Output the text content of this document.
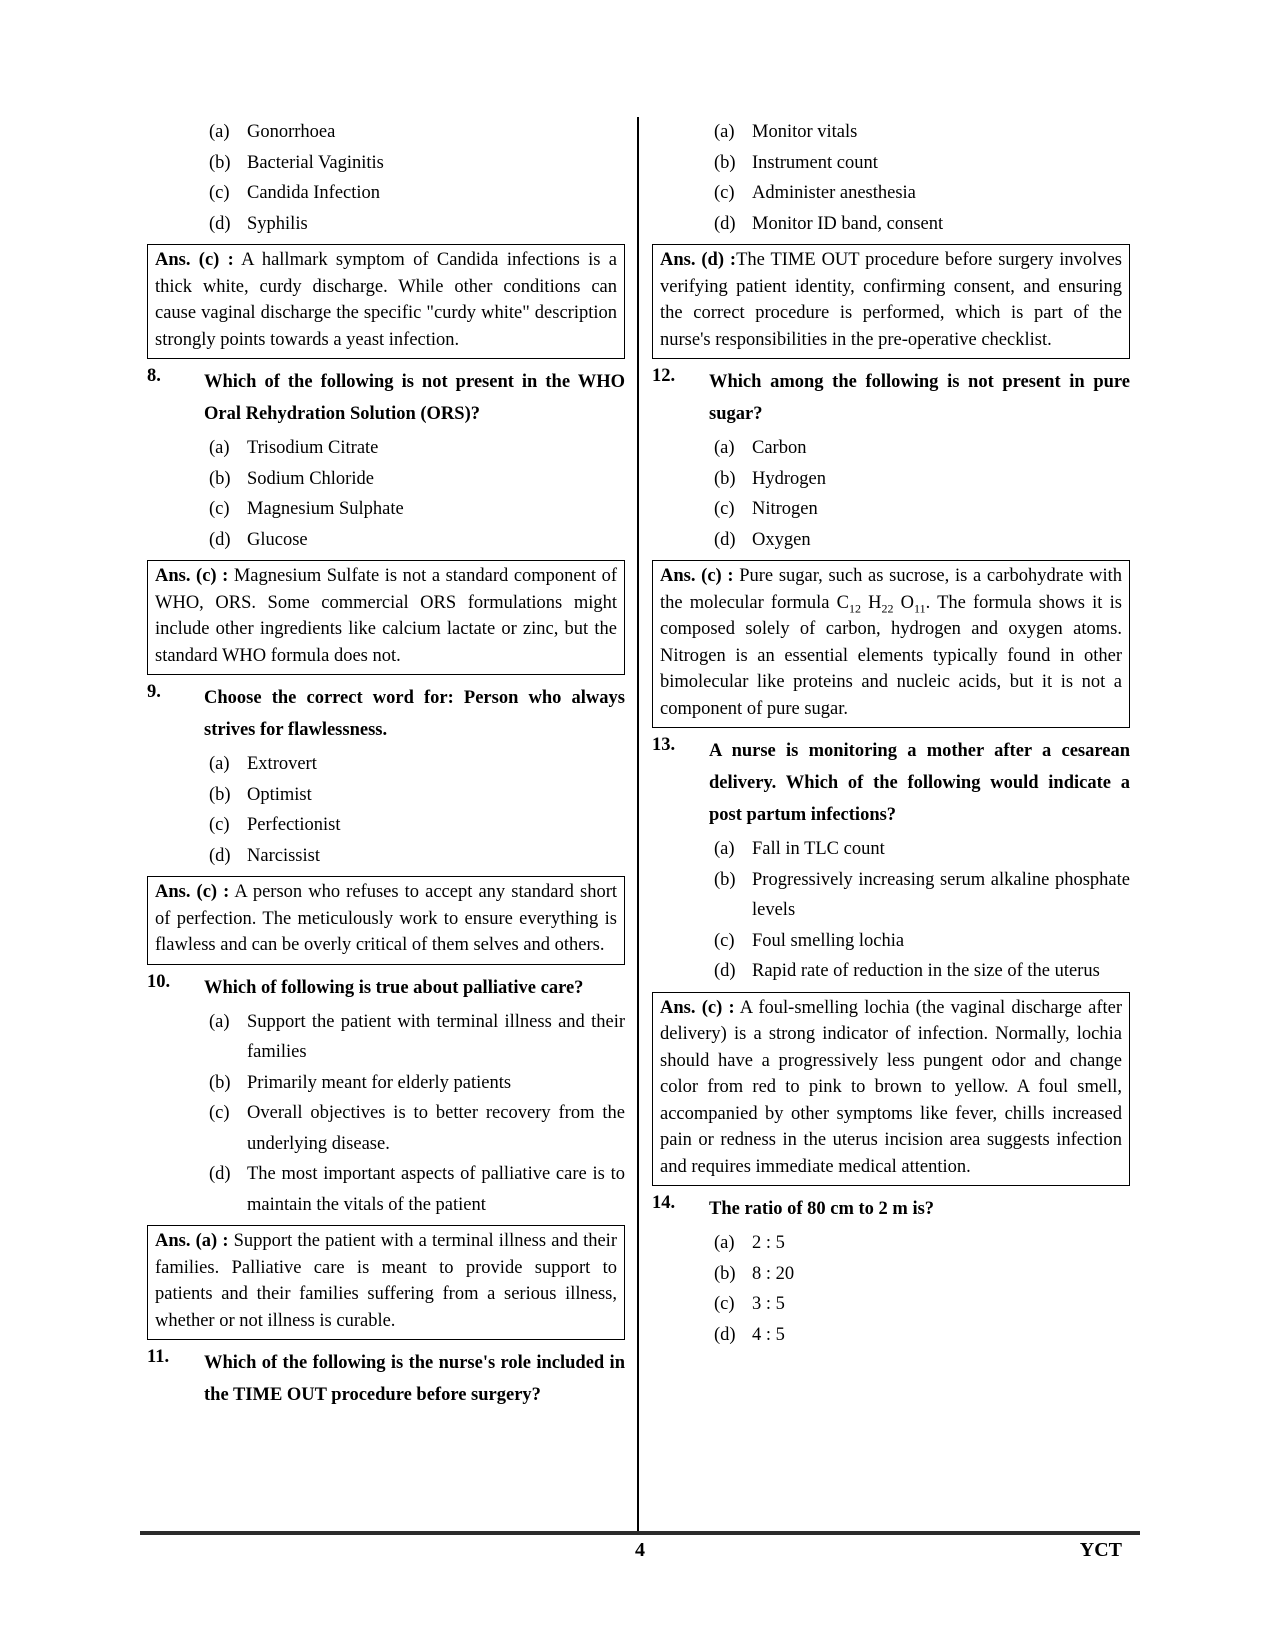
(a) Gonorrhoea
(b) Bacterial Vaginitis
(c) Candida Infection
(d) Syphilis
Ans. (c) : A hallmark symptom of Candida infections is a thick white, curdy discharge. While other conditions can cause vaginal discharge the specific "curdy white" description strongly points towards a yeast infection.
8.	Which of the following is not present in the WHO Oral Rehydration Solution (ORS)?
(a) Trisodium Citrate
(b) Sodium Chloride
(c) Magnesium Sulphate
(d) Glucose
Ans. (c) : Magnesium Sulfate is not a standard component of WHO, ORS. Some commercial ORS formulations might include other ingredients like calcium lactate or zinc, but the standard WHO formula does not.
9.	Choose the correct word for: Person who always strives for flawlessness.
(a) Extrovert
(b) Optimist
(c) Perfectionist
(d) Narcissist
Ans. (c) : A person who refuses to accept any standard short of perfection. The meticulously work to ensure everything is flawless and can be overly critical of them selves and others.
10.	Which of following is true about palliative care?
(a) Support the patient with terminal illness and their families
(b) Primarily meant for elderly patients
(c) Overall objectives is to better recovery from the underlying disease.
(d) The most important aspects of palliative care is to maintain the vitals of the patient
Ans. (a) : Support the patient with a terminal illness and their families. Palliative care is meant to provide support to patients and their families suffering from a serious illness, whether or not illness is curable.
11.	Which of the following is the nurse's role included in the TIME OUT procedure before surgery?
(a) Monitor vitals
(b) Instrument count
(c) Administer anesthesia
(d) Monitor ID band, consent
Ans. (d) :The TIME OUT procedure before surgery involves verifying patient identity, confirming consent, and ensuring the correct procedure is performed, which is part of the nurse's responsibilities in the pre-operative checklist.
12.	Which among the following is not present in pure sugar?
(a) Carbon
(b) Hydrogen
(c) Nitrogen
(d) Oxygen
Ans. (c) : Pure sugar, such as sucrose, is a carbohydrate with the molecular formula $C_{12}$ $H_{22}$ $O_{11}$. The formula shows it is composed solely of carbon, hydrogen and oxygen atoms. Nitrogen is an essential elements typically found in other bimolecular like proteins and nucleic acids, but it is not a component of pure sugar.
13.	A nurse is monitoring a mother after a cesarean delivery. Which of the following would indicate a post partum infections?
(a) Fall in TLC count
(b) Progressively increasing serum alkaline phosphate levels
(c) Foul smelling lochia
(d) Rapid rate of reduction in the size of the uterus
Ans. (c) : A foul-smelling lochia (the vaginal discharge after delivery) is a strong indicator of infection. Normally, lochia should have a progressively less pungent odor and change color from red to pink to brown to yellow. A foul smell, accompanied by other symptoms like fever, chills increased pain or redness in the uterus incision area suggests infection and requires immediate medical attention.
14.	The ratio of 80 cm to 2 m is?
(a) 2 : 5
(b) 8 : 20
(c) 3 : 5
(d) 4 : 5
4	YCT
